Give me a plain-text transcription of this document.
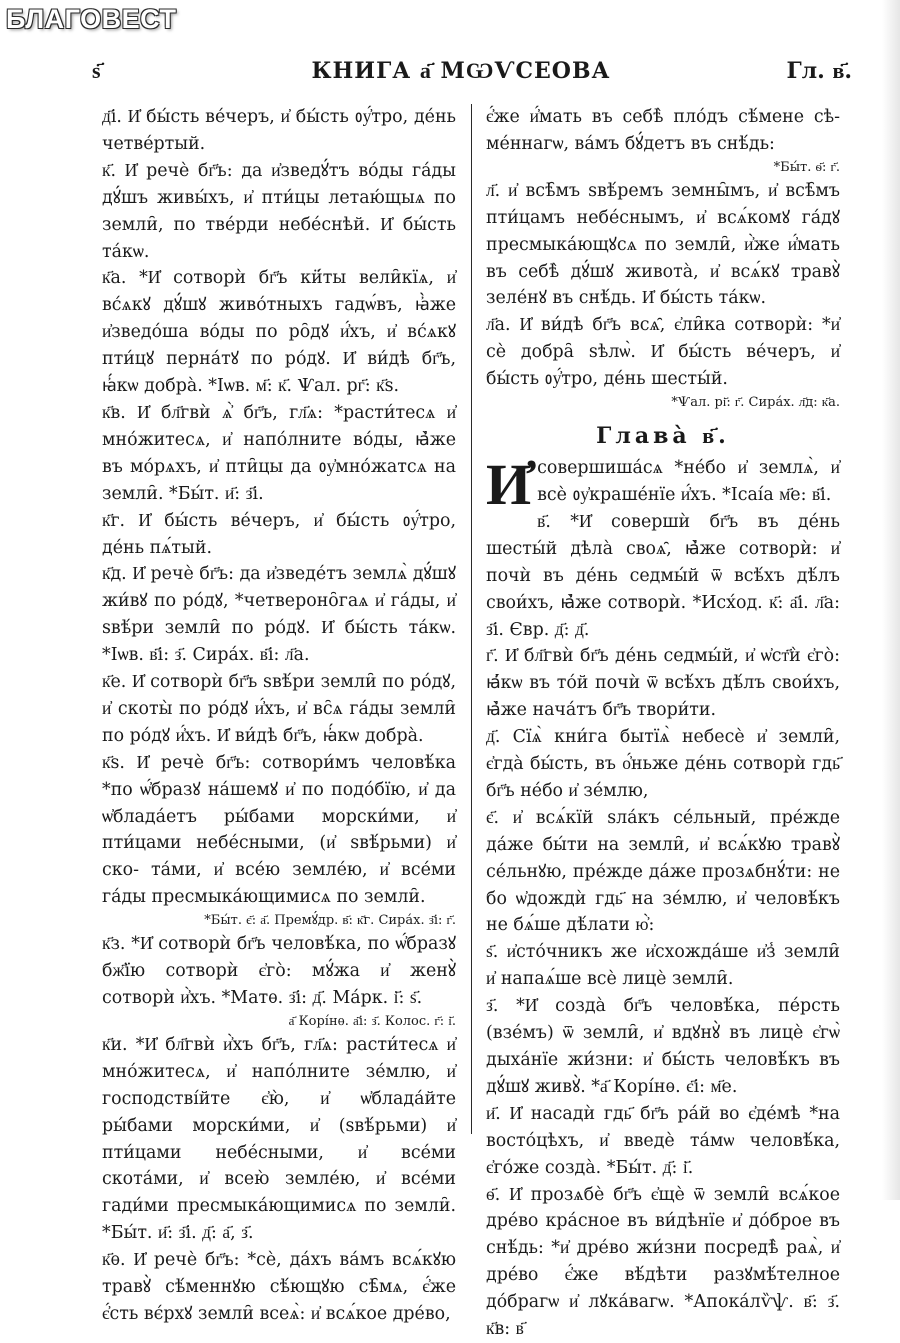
БЛАГОВЕСТ
ѕ҃	КНИГА а҃ МѠѴСЕОВА	Гл. в҃.

д҃і. И҆ бы́сть ве́черъ, и҆ бы́сть ᲂу҆́тро, де́нь четве́ртый.

к҃. И҆ речѐ бг҃ъ: да и҆зведꙋ́тъ во́ды га́ды дꙋ́шъ живы́хъ, и҆ пти́цы летаю́щыѧ по земли̑, по тве́рди небе́снѣй. И҆ бы́сть та́кѡ.

к҃а. *И҆ сотворѝ бг҃ъ кӥ́ты вели̑кїѧ, и҆ вс́ѧкꙋ дꙋ́шꙋ живо́тныхъ гадѡ́въ, ꙗ҆̀же и҆зведо́ша во́ды по ро̑дꙋ и҆́хъ, и҆ вс́ѧкꙋ пти́цꙋ перна́тꙋ по ро́дꙋ. И҆ ви́дѣ бг҃ъ, ꙗ҆́кѡ добра̀. *Іѡв. м҃: к҃. Ѱал. рг҃: к҃ѕ.

к҃в. И҆ бл҃гвѝ ѧ҆̀ бг҃ъ, гл҃ѧ: *расти́тесѧ и҆ мно́житесѧ, и҆ напо́лните во́ды, ꙗ҆̀же въ мо́рѧхъ, и҆ пти̑цы да ᲂу҆мно́жатсѧ на земли̑. *Бы́т. и҃: з҃і.

к҃г. И҆ бы́сть ве́черъ, и҆ бы́сть ᲂу҆́тро, де́нь пѧ́тый.

к҃д. И҆ речѐ бг҃ъ: да и҆зведе́тъ землѧ̀ дꙋ́шꙋ жи́вꙋ по ро́дꙋ, *четвероно̑гаѧ и҆ га́ды, и҆ ѕвѣ́ри земли̑ по ро́дꙋ. И҆ бы́сть та́кѡ. *Іѡв. в҃і: з҃. Сира́х. в҃і: л҃а.

к҃е. И҆ сотворѝ бг҃ъ ѕвѣ́ри земли̑ по ро́дꙋ, и҆ скоты̀ по ро́дꙋ и҆́хъ, и҆ вс̑ѧ га́ды земли̑ по ро́дꙋ и҆́хъ. И҆ ви́дѣ бг҃ъ, ꙗ҆́кѡ добра̀.

к҃ѕ. И҆ речѐ бг҃ъ: сотвори́мъ человѣ́ка *по ѡ҆́бразꙋ на́шемꙋ и҆ по подо́бїю, и҆ да ѡ҆блада́етъ ры́бами морски́ми, и҆ пти́цами небе́сными, (и҆ ѕвѣ́рьми) и҆ ско- та́ми, и҆ все́ю земле́ю, и҆ все́ми га́ды пресмыка́ющимисѧ по земли̑.

*Бы́т. є҃: а҃. Премꙋ́др. в҃: к҃г. Сира́х. з҃і: г҃.

к҃з. *И҆ сотворѝ бг҃ъ человѣ́ка, по ѡ҆́бразꙋ бж҃їю сотворѝ є҆го̀: мꙋ́жа и҆ женꙋ̀ сотворѝ и҆̀хъ. *Матѳ. з҃і: д҃. Ма́рк. і҃: ѕ҃.

а҃ Корі́нѳ. а҃і: з҃. Колос. г҃: і҃.

к҃и. *И҆ бл҃гвѝ и҆̀хъ бг҃ъ, гл҃ѧ: расти́тесѧ и҆ мно́житесѧ, и҆ напо́лните зе́млю, и҆ господстві́йте є҆ю̀, и҆ ѡ҆блада́йте ры́бами морски́ми, и҆ (ѕвѣ́рьми) и҆ пти́цами небе́сными, и҆ все́ми скота́ми, и҆ всею̀ земле́ю, и҆ все́ми гади́ми пресмыка́ющимисѧ по земли̑. *Бы́т. и҃: з҃і. д҃: а҃, з҃.

к҃ѳ. И҆ речѐ бг҃ъ: *сѐ, да́хъ ва́мъ всѧ́кꙋю травꙋ̀ сѣ́меннꙋю сѣ́ющꙋю сѣ̑мѧ, є҆́же є҆́сть вє́рхꙋ земли̑ всеѧ̀: и҆ всѧ́кое дре́во,

є҆́же и҆́мать въ себѣ̀ пло́дъ сѣ́мене сѣ- ме́ннагѡ, ва́мъ бꙋ́детъ въ снѣ́дь:

*Бы́т. ѳ҃: г҃.

л҃. и҆ всѣ̑мъ ѕвѣ́ремъ земны̑мъ, и҆ всѣ̑мъ пти́цамъ небе́снымъ, и҆ всѧ́комꙋ га́дꙋ пресмыка́ющꙋсѧ по земли̑, и҆̀же и҆́мать въ себѣ̀ дꙋ́шꙋ живота̀, и҆ всѧ́кꙋ травꙋ̀ зеле́нꙋ въ снѣ́дь. И҆ бы́сть та́кѡ.

л҃а. И҆ ви́дѣ бг҃ъ всѧ̑, є҆ли̑ка сотворѝ: *и҆ сѐ добра̑ ѕѣлѡ̀. И҆ бы́сть ве́черъ, и҆ бы́сть ᲂу҆́тро, де́нь шесты́й.

*Ѱал. рі҃: г҃. Сира́х. л҃д: к҃а.

Глава̀ в҃.
И҆ совершиша́сѧ *не́бо и҆ землѧ̀, и҆ всѐ ᲂу҆краше́нїе и҆́хъ. *Ісаі́а м҃е: в҃і.

в҃. *И҆ совершѝ бг҃ъ въ де́нь шесты́й дѣла̀ своѧ̑, ꙗ҆̀же сотворѝ: и҆ почѝ въ де́нь седмы́й ѿ всѣ́хъ дѣ́лъ свои́хъ, ꙗ҆̀же сотворѝ. *Исх́од. к҃: а҃і. л҃а: з҃і. Євр. д҃: д҃.

г҃. И҆ бл҃гвѝ бг҃ъ де́нь седмы́й, и҆ ѡ҆ст҃ѝ є҆го̀: ꙗ҆́кѡ въ то́й почѝ ѿ всѣ́хъ дѣ́лъ свои́хъ, ꙗ҆̀же нача́тъ бг҃ъ твори́ти.

д҃. Сїѧ̀ кни́га бытїѧ̀ небесѐ и҆ земли̑, є҆гда̀ бы́сть, въ о҆́ньже де́нь сотворѝ гдь҃ бг҃ъ не́бо и҆ зе́млю,

є҃. и҆ всѧ́кїй ѕла́къ се́льный, пре́жде да́же бы́ти на земли̑, и҆ всѧ́кꙋю травꙋ̀ се́льнꙋю, пре́жде да́же прозѧбнꙋ́ти: не бо ѡ҆дождѝ гдь҃ на зе́млю, и҆ человѣ́къ не бѧ́ше дѣ́лати ю҆̀:

ѕ҃. и҆сто́чникъ же и҆схожда́ше и҆з̾ земли̑ и҆ напаѧ́ше всѐ лицѐ земли̑.

з҃. *И҆ созда̀ бг҃ъ человѣ́ка, пе́рсть (взе́мъ) ѿ земли̑, и҆ вдꙋнꙋ̀ въ лицѐ є҆гѡ̀ дыха́нїе жи́зни: и҆ бы́сть человѣ́къ въ дꙋ́шꙋ живꙋ̀. *а҃ Корі́нѳ. є҃і: м҃е.

и҃. И҆ насадѝ гдь҃ бг҃ъ ра́й во є҆де́мѣ *на восто́цѣхъ, и҆ введѐ та́мѡ человѣ́ка, є҆го́же созда̀. *Бы́т. д҃: і҃.

ѳ҃. И҆ прозѧбѐ бг҃ъ є҆щѐ ѿ земли̑ всѧ́кое дре́во кра́сное въ ви́дѣнїе и҆ до́брое въ снѣ́дь: *и҆ дре́во жи́зни посредѣ̀ раѧ̀, и҆ дре́во є҆́же вѣ́дѣти разꙋмѣ́телное до́брагѡ и҆ лꙋка́вагѡ. *Апока́лѷѱ. в҃: з҃. к҃в: в҃
